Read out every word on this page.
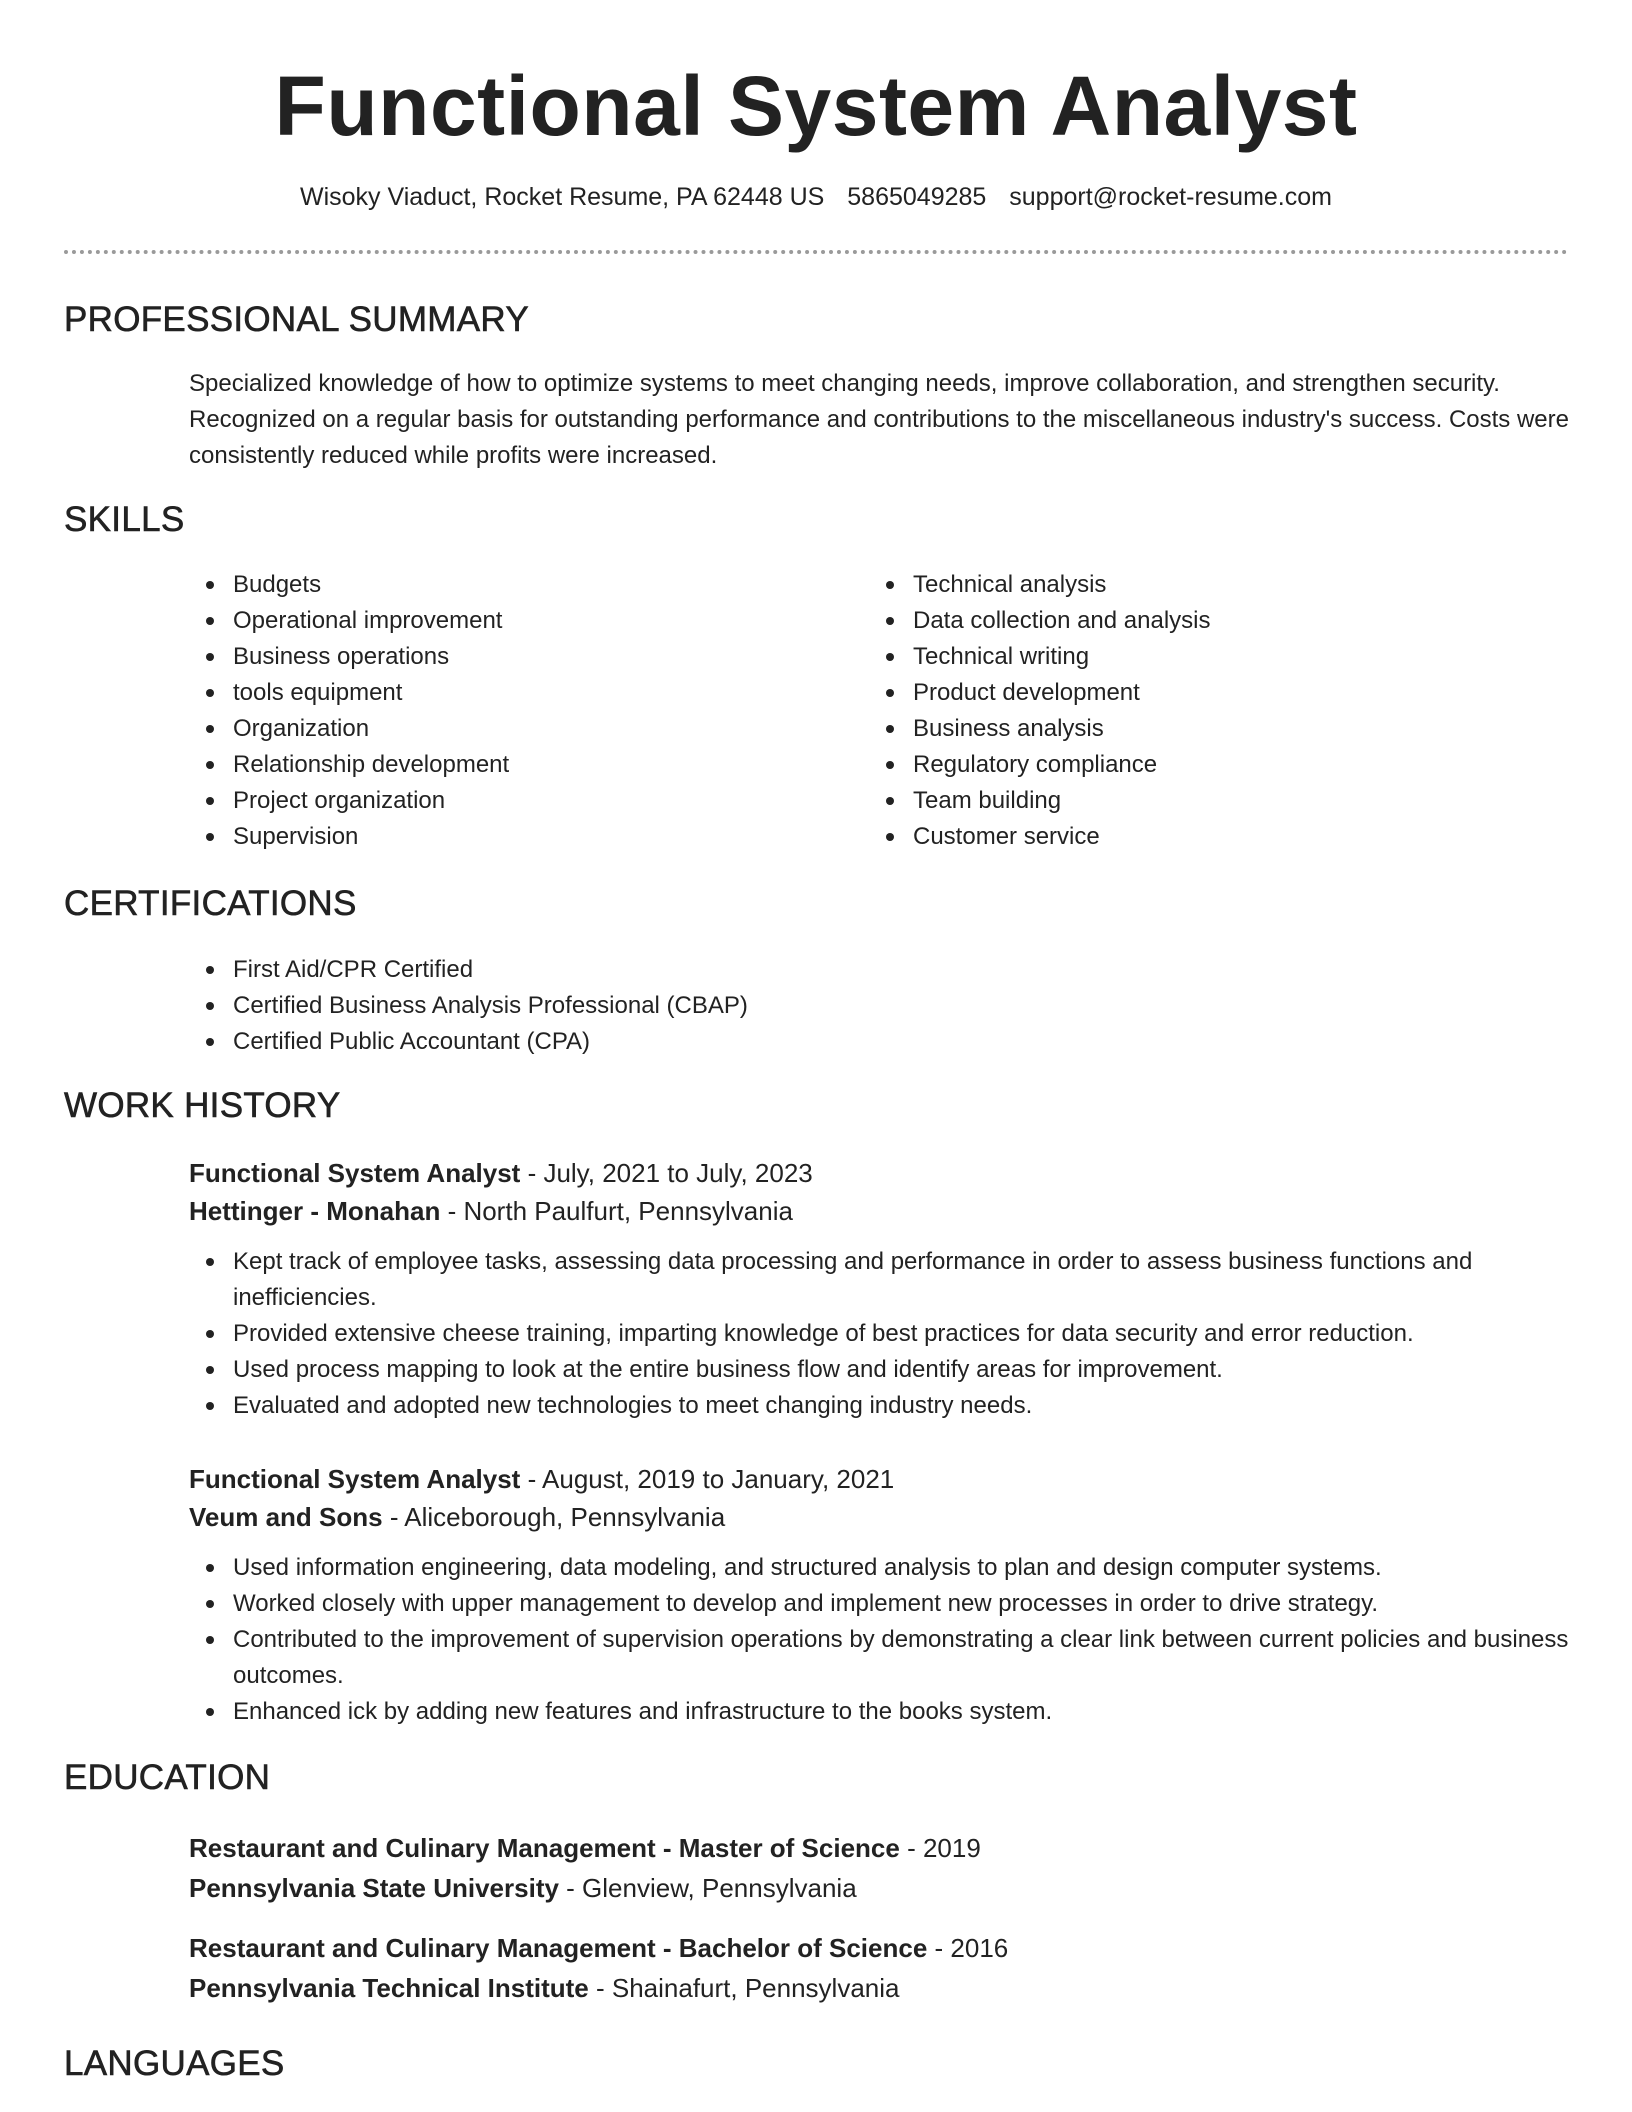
Functional System Analyst
Wisoky Viaduct, Rocket Resume, PA 62448 US 5865049285 support@rocket-resume.com
PROFESSIONAL SUMMARY
Specialized knowledge of how to optimize systems to meet changing needs, improve collaboration, and strengthen security. Recognized on a regular basis for outstanding performance and contributions to the miscellaneous industry's success. Costs were consistently reduced while profits were increased.
SKILLS
Budgets
Operational improvement
Business operations
tools equipment
Organization
Relationship development
Project organization
Supervision
Technical analysis
Data collection and analysis
Technical writing
Product development
Business analysis
Regulatory compliance
Team building
Customer service
CERTIFICATIONS
First Aid/CPR Certified
Certified Business Analysis Professional (CBAP)
Certified Public Accountant (CPA)
WORK HISTORY
Functional System Analyst - July, 2021 to July, 2023
Hettinger - Monahan - North Paulfurt, Pennsylvania
Kept track of employee tasks, assessing data processing and performance in order to assess business functions and inefficiencies.
Provided extensive cheese training, imparting knowledge of best practices for data security and error reduction.
Used process mapping to look at the entire business flow and identify areas for improvement.
Evaluated and adopted new technologies to meet changing industry needs.
Functional System Analyst - August, 2019 to January, 2021
Veum and Sons - Aliceborough, Pennsylvania
Used information engineering, data modeling, and structured analysis to plan and design computer systems.
Worked closely with upper management to develop and implement new processes in order to drive strategy.
Contributed to the improvement of supervision operations by demonstrating a clear link between current policies and business outcomes.
Enhanced ick by adding new features and infrastructure to the books system.
EDUCATION
Restaurant and Culinary Management - Master of Science - 2019
Pennsylvania State University - Glenview, Pennsylvania
Restaurant and Culinary Management - Bachelor of Science - 2016
Pennsylvania Technical Institute - Shainafurt, Pennsylvania
LANGUAGES
